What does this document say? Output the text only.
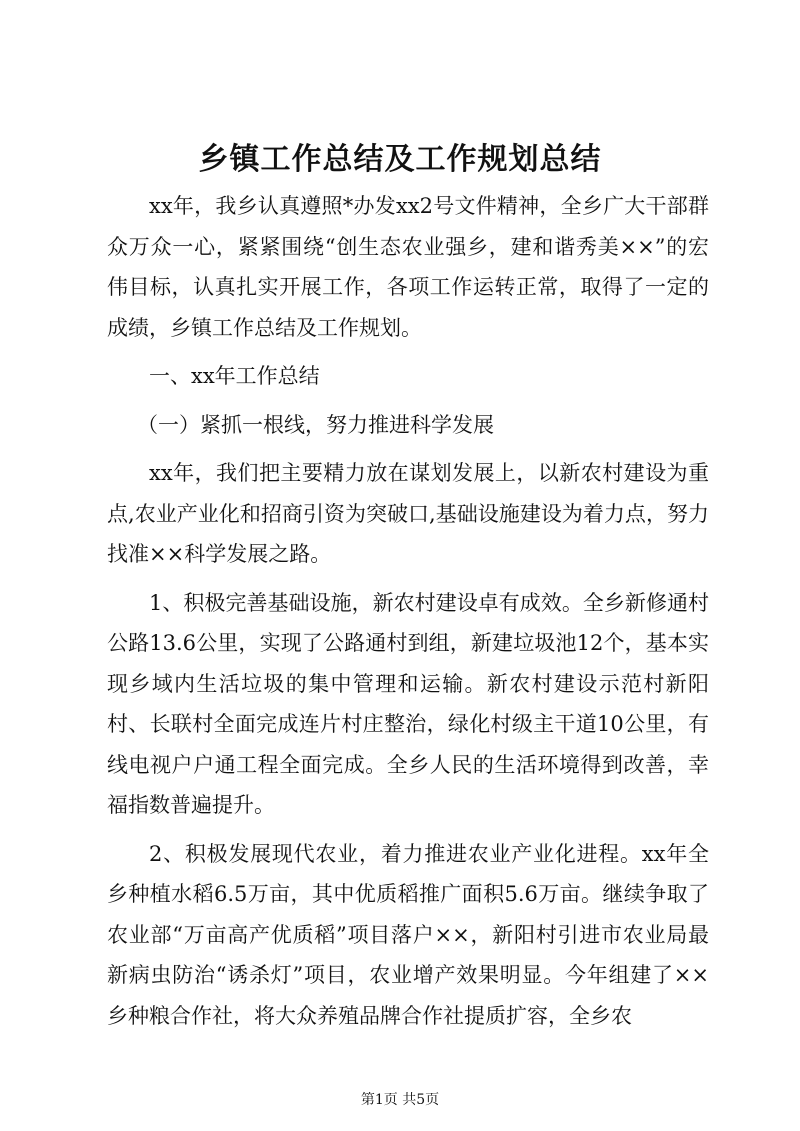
乡镇工作总结及工作规划总结

xx年，我乡认真遵照*办发xx2号文件精神，全乡广大干部群众万众一心，紧紧围绕“创生态农业强乡，建和谐秀美××”的宏伟目标，认真扎实开展工作，各项工作运转正常，取得了一定的成绩，乡镇工作总结及工作规划。

一、xx年工作总结

（一）紧抓一根线，努力推进科学发展

xx年，我们把主要精力放在谋划发展上，以新农村建设为重点,农业产业化和招商引资为突破口,基础设施建设为着力点，努力找准××科学发展之路。

1、积极完善基础设施，新农村建设卓有成效。全乡新修通村公路13.6公里，实现了公路通村到组，新建垃圾池12个，基本实现乡域内生活垃圾的集中管理和运输。新农村建设示范村新阳村、长联村全面完成连片村庄整治，绿化村级主干道10公里，有线电视户户通工程全面完成。全乡人民的生活环境得到改善，幸福指数普遍提升。

2、积极发展现代农业，着力推进农业产业化进程。xx年全乡种植水稻6.5万亩，其中优质稻推广面积5.6万亩。继续争取了农业部“万亩高产优质稻”项目落户××，新阳村引进市农业局最新病虫防治“诱杀灯”项目，农业增产效果明显。今年组建了××乡种粮合作社，将大众养殖品牌合作社提质扩容，全乡农

第1页 共5页
